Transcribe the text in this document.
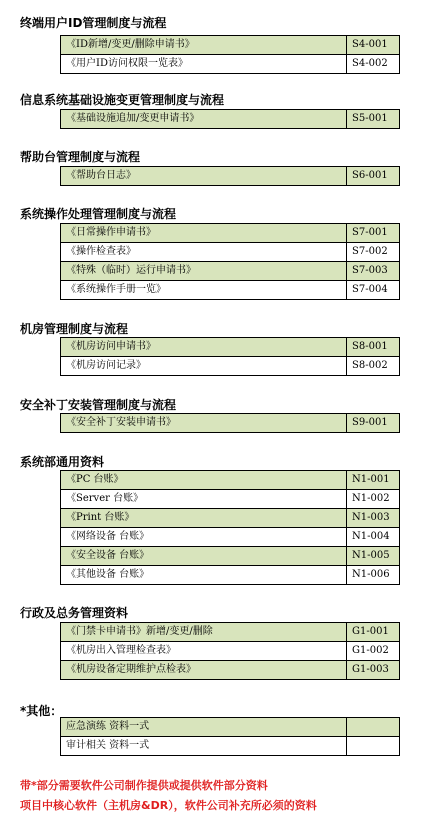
终端用户ID管理制度与流程
《ID新增/变更/删除申请书》	S4-001
《用户ID访问权限一览表》	S4-002
信息系统基础设施变更管理制度与流程
《基础设施追加/变更申请书》	S5-001
帮助台管理制度与流程
《帮助台日志》	S6-001
系统操作处理管理制度与流程
《日常操作申请书》	S7-001
《操作检查表》	S7-002
《特殊（临时）运行申请书》	S7-003
《系统操作手册一览》	S7-004
机房管理制度与流程
《机房访问申请书》	S8-001
《机房访问记录》	S8-002
安全补丁安装管理制度与流程
《安全补丁安装申请书》	S9-001
系统部通用资料
《PC 台账》	N1-001
《Server 台账》	N1-002
《Print 台账》	N1-003
《网络设备 台账》	N1-004
《安全设备 台账》	N1-005
《其他设备 台账》	N1-006
行政及总务管理资料
《门禁卡申请书》新增/变更/删除	G1-001
《机房出入管理检查表》	G1-002
《机房设备定期维护点检表》	G1-003
*其他：
应急演练 资料一式	
审计相关 资料一式	
带*部分需要软件公司制作提供或提供软件部分资料
项目中核心软件（主机房&DR），软件公司补充所必须的资料
